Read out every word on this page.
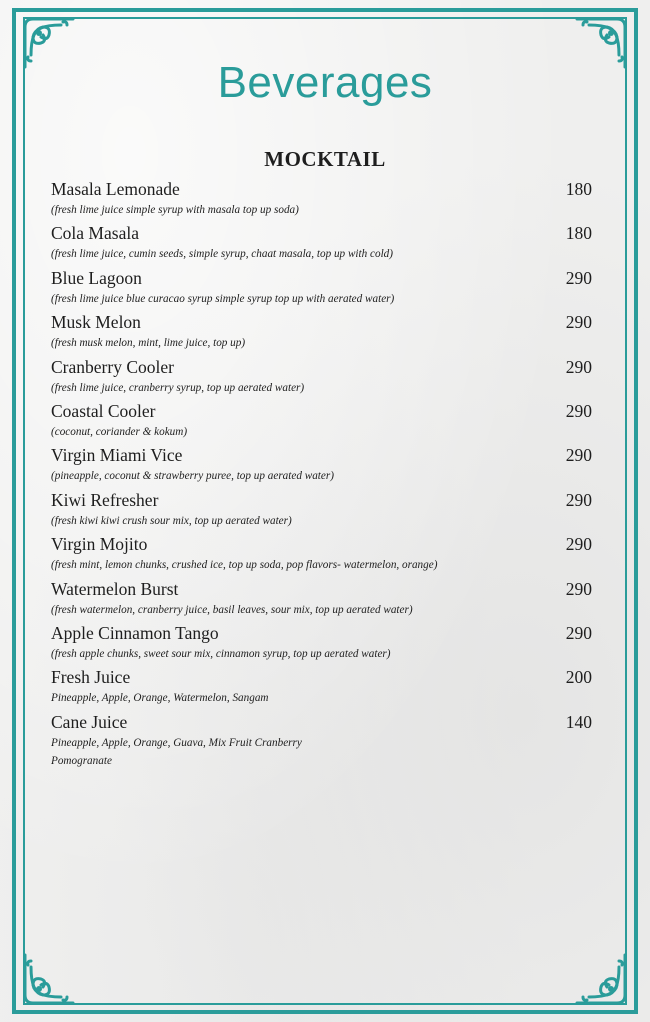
Beverages
MOCKTAIL
Masala Lemonade	180
(fresh lime juice simple syrup with masala top up soda)
Cola Masala	180
(fresh lime juice, cumin seeds, simple syrup, chaat masala, top up with cold)
Blue Lagoon	290
(fresh lime juice blue curacao syrup simple syrup top up with aerated water)
Musk Melon	290
(fresh musk melon, mint, lime juice, top up)
Cranberry Cooler	290
(fresh lime juice, cranberry syrup, top up aerated water)
Coastal Cooler	290
(coconut, coriander & kokum)
Virgin Miami Vice	290
(pineapple, coconut & strawberry puree, top up aerated water)
Kiwi Refresher	290
(fresh kiwi kiwi crush sour mix, top up aerated water)
Virgin Mojito	290
(fresh mint, lemon chunks, crushed ice, top up soda, pop flavors- watermelon, orange)
Watermelon Burst	290
(fresh watermelon, cranberry juice, basil leaves, sour mix, top up aerated water)
Apple Cinnamon Tango	290
(fresh apple chunks, sweet sour mix, cinnamon syrup, top up aerated water)
Fresh Juice	200
Pineapple, Apple, Orange, Watermelon, Sangam
Cane Juice	140
Pineapple, Apple, Orange, Guava, Mix Fruit Cranberry
Pomogranate
